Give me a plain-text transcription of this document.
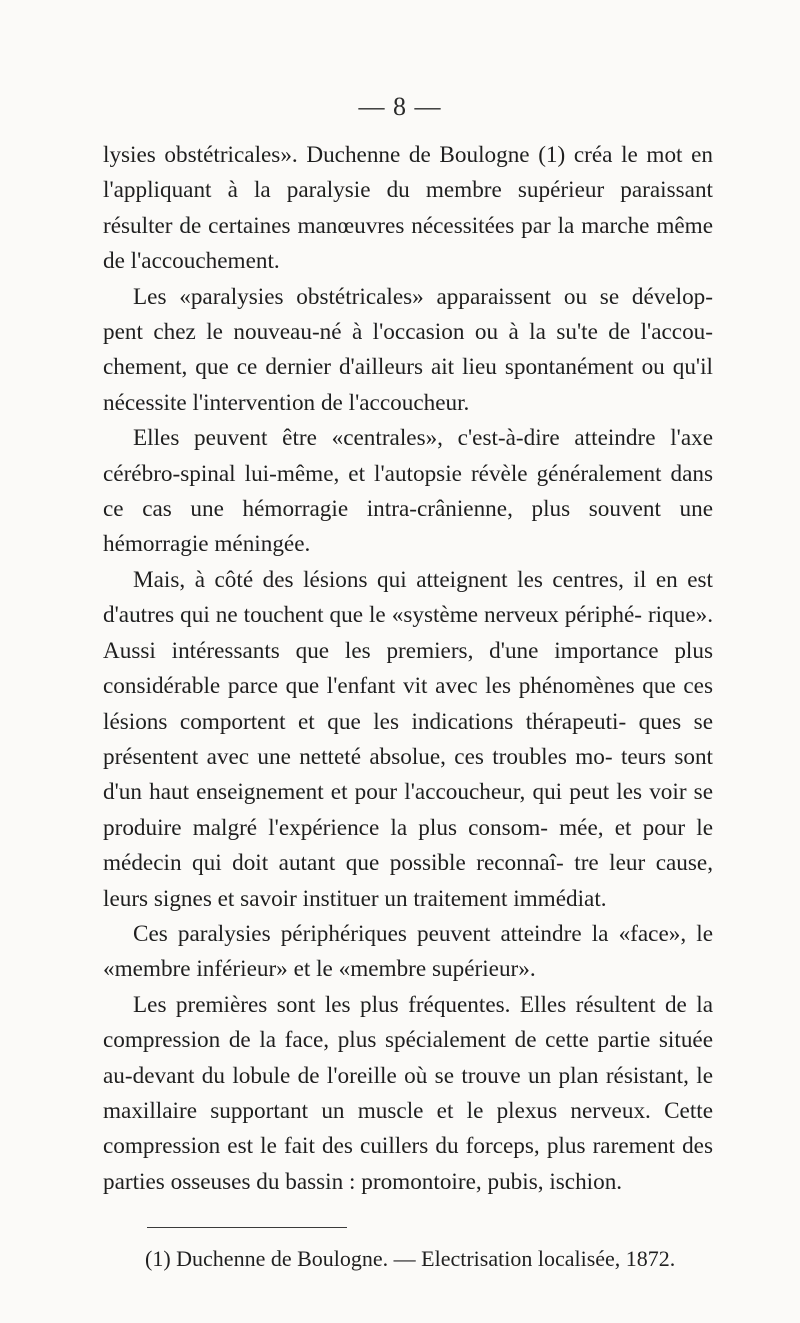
— 8 —

lysies obstétricales». Duchenne de Boulogne (1) créa le mot en l'appliquant à la paralysie du membre supérieur paraissant résulter de certaines manœuvres nécessitées par la marche même de l'accouchement.

Les «paralysies obstétricales» apparaissent ou se dévelop- pent chez le nouveau-né à l'occasion ou à la su'te de l'accou- chement, que ce dernier d'ailleurs ait lieu spontanément ou qu'il nécessite l'intervention de l'accoucheur.

Elles peuvent être «centrales», c'est-à-dire atteindre l'axe cérébro-spinal lui-même, et l'autopsie révèle généralement dans ce cas une hémorragie intra-crânienne, plus souvent une hémorragie méningée.

Mais, à côté des lésions qui atteignent les centres, il en est d'autres qui ne touchent que le «système nerveux périphé- rique». Aussi intéressants que les premiers, d'une importance plus considérable parce que l'enfant vit avec les phénomènes que ces lésions comportent et que les indications thérapeuti- ques se présentent avec une netteté absolue, ces troubles mo- teurs sont d'un haut enseignement et pour l'accoucheur, qui peut les voir se produire malgré l'expérience la plus consom- mée, et pour le médecin qui doit autant que possible reconnaî- tre leur cause, leurs signes et savoir instituer un traitement immédiat.

Ces paralysies périphériques peuvent atteindre la «face», le «membre inférieur» et le «membre supérieur».

Les premières sont les plus fréquentes. Elles résultent de la compression de la face, plus spécialement de cette partie située au-devant du lobule de l'oreille où se trouve un plan résistant, le maxillaire supportant un muscle et le plexus nerveux. Cette compression est le fait des cuillers du forceps, plus rarement des parties osseuses du bassin : promontoire, pubis, ischion.

(1) Duchenne de Boulogne. — Electrisation localisée, 1872.
